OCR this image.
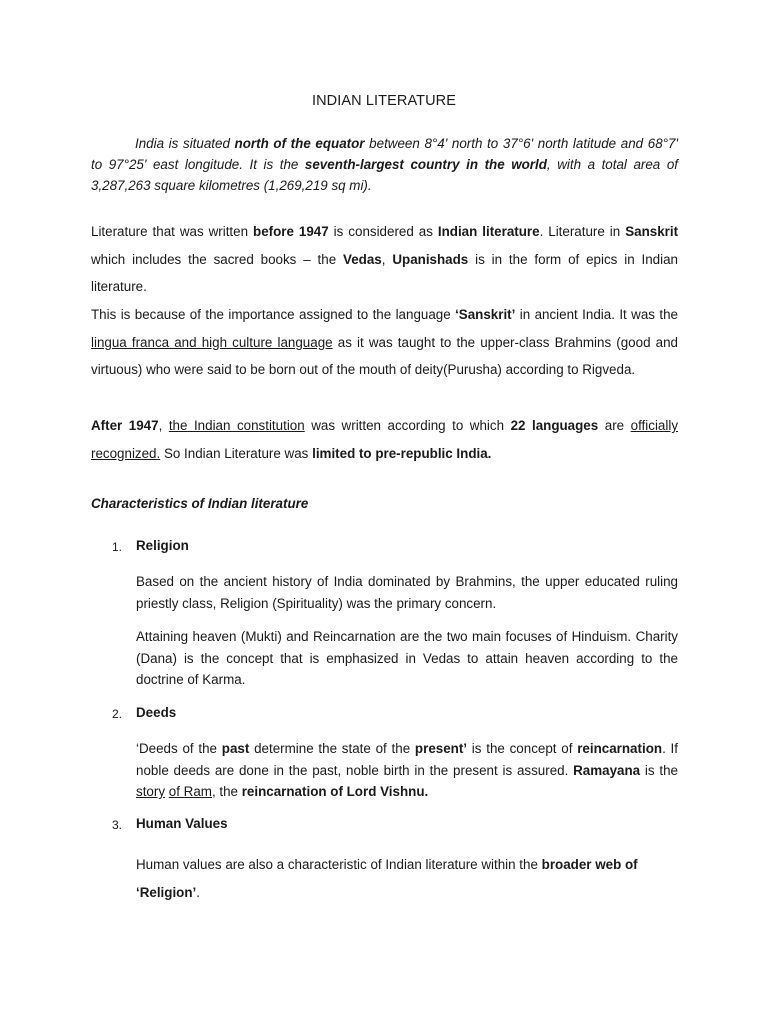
INDIAN LITERATURE

India is situated north of the equator between 8°4' north to 37°6' north latitude and 68°7' to 97°25' east longitude. It is the seventh-largest country in the world, with a total area of 3,287,263 square kilometres (1,269,219 sq mi).

Literature that was written before 1947 is considered as Indian literature. Literature in Sanskrit which includes the sacred books – the Vedas, Upanishads is in the form of epics in Indian literature.

This is because of the importance assigned to the language ‘Sanskrit’ in ancient India. It was the lingua franca and high culture language as it was taught to the upper-class Brahmins (good and virtuous) who were said to be born out of the mouth of deity(Purusha) according to Rigveda.

After 1947, the Indian constitution was written according to which 22 languages are officially recognized. So Indian Literature was limited to pre-republic India.

Characteristics of Indian literature
1. Religion

Based on the ancient history of India dominated by Brahmins, the upper educated ruling priestly class, Religion (Spirituality) was the primary concern.

Attaining heaven (Mukti) and Reincarnation are the two main focuses of Hinduism. Charity (Dana) is the concept that is emphasized in Vedas to attain heaven according to the doctrine of Karma.

2. Deeds

‘Deeds of the past determine the state of the present’ is the concept of reincarnation. If noble deeds are done in the past, noble birth in the present is assured. Ramayana is the story of Ram, the reincarnation of Lord Vishnu.

3. Human Values

Human values are also a characteristic of Indian literature within the broader web of
‘Religion’.
